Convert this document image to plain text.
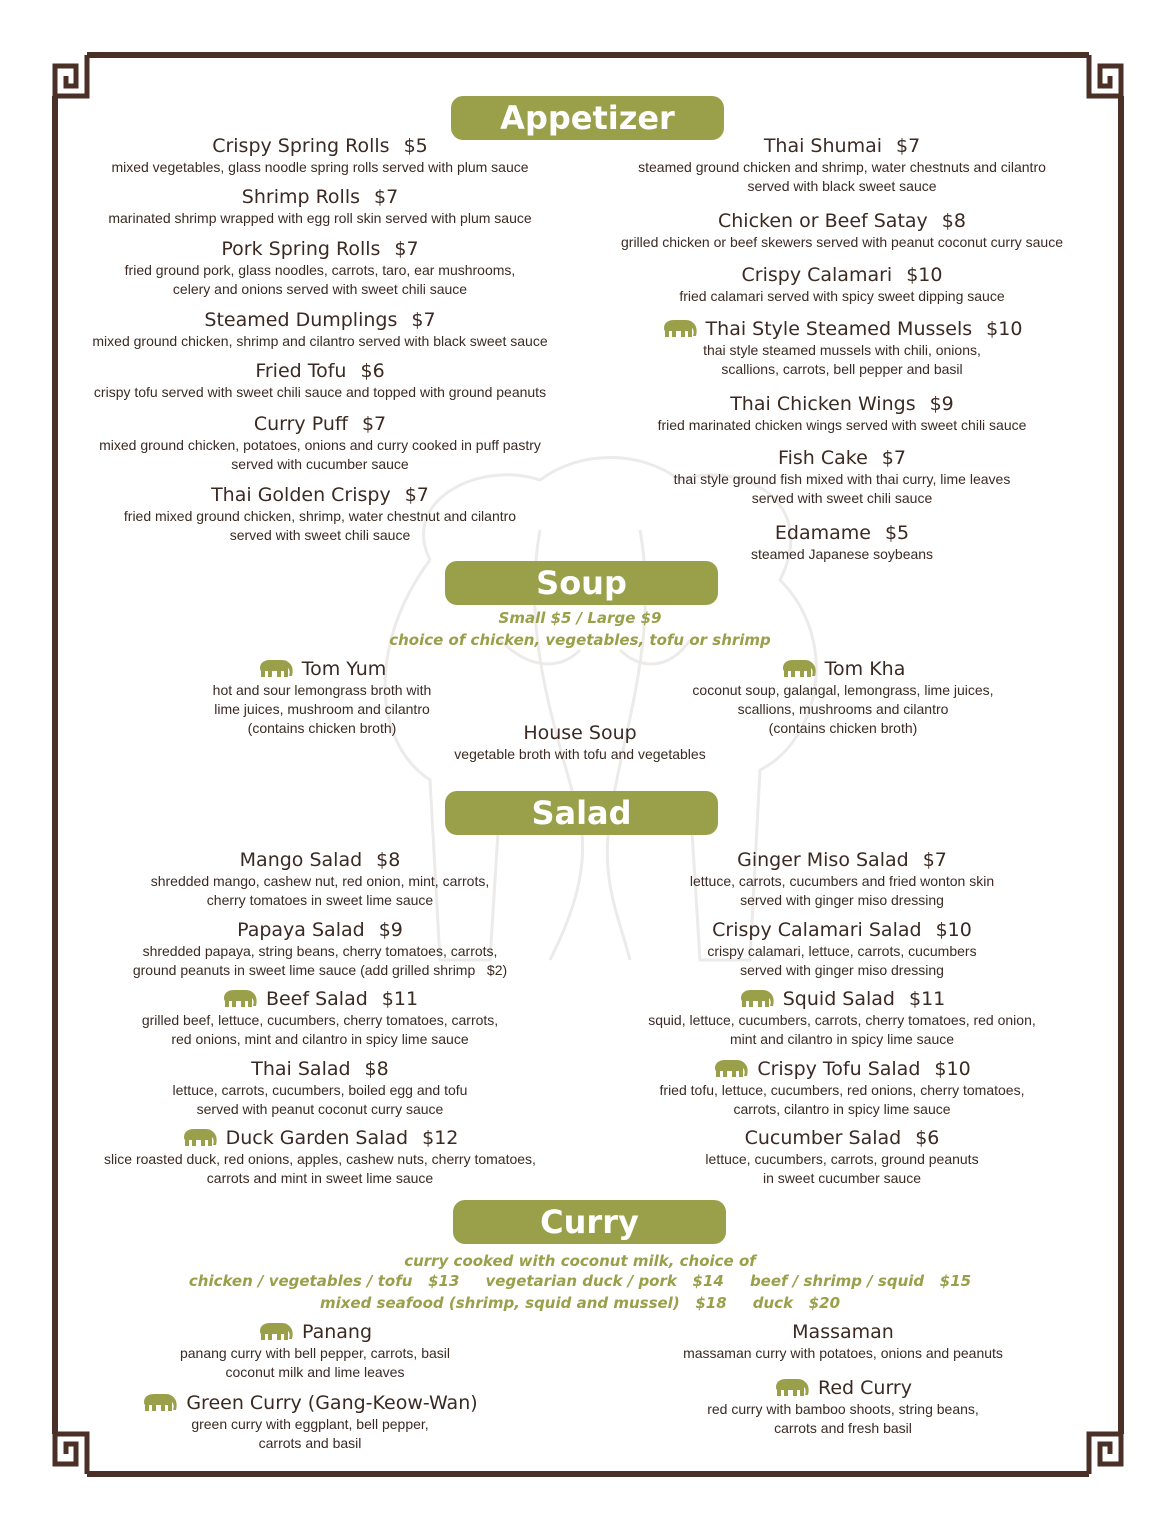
Appetizer
Crispy Spring Rolls $5
mixed vegetables, glass noodle spring rolls served with plum sauce
Shrimp Rolls $7
marinated shrimp wrapped with egg roll skin served with plum sauce
Pork Spring Rolls $7
fried ground pork, glass noodles, carrots, taro, ear mushrooms,
celery and onions served with sweet chili sauce
Steamed Dumplings $7
mixed ground chicken, shrimp and cilantro served with black sweet sauce
Fried Tofu $6
crispy tofu served with sweet chili sauce and topped with ground peanuts
Curry Puff $7
mixed ground chicken, potatoes, onions and curry cooked in puff pastry
served with cucumber sauce
Thai Golden Crispy $7
fried mixed ground chicken, shrimp, water chestnut and cilantro
served with sweet chili sauce
Thai Shumai $7
steamed ground chicken and shrimp, water chestnuts and cilantro
served with black sweet sauce
Chicken or Beef Satay $8
grilled chicken or beef skewers served with peanut coconut curry sauce
Crispy Calamari $10
fried calamari served with spicy sweet dipping sauce
Thai Style Steamed Mussels $10
thai style steamed mussels with chili, onions,
scallions, carrots, bell pepper and basil
Thai Chicken Wings $9
fried marinated chicken wings served with sweet chili sauce
Fish Cake $7
thai style ground fish mixed with thai curry, lime leaves
served with sweet chili sauce
Edamame $5
steamed Japanese soybeans
Soup
Small $5 / Large $9
choice of chicken, vegetables, tofu or shrimp
Tom Yum
hot and sour lemongrass broth with
lime juices, mushroom and cilantro
(contains chicken broth)
Tom Kha
coconut soup, galangal, lemongrass, lime juices,
scallions, mushrooms and cilantro
(contains chicken broth)
House Soup
vegetable broth with tofu and vegetables
Salad
Mango Salad $8
shredded mango, cashew nut, red onion, mint, carrots,
cherry tomatoes in sweet lime sauce
Papaya Salad $9
shredded papaya, string beans, cherry tomatoes, carrots,
ground peanuts in sweet lime sauce (add grilled shrimp   $2)
Beef Salad $11
grilled beef, lettuce, cucumbers, cherry tomatoes, carrots,
red onions, mint and cilantro in spicy lime sauce
Thai Salad $8
lettuce, carrots, cucumbers, boiled egg and tofu
served with peanut coconut curry sauce
Duck Garden Salad $12
slice roasted duck, red onions, apples, cashew nuts, cherry tomatoes,
carrots and mint in sweet lime sauce
Ginger Miso Salad $7
lettuce, carrots, cucumbers and fried wonton skin
served with ginger miso dressing
Crispy Calamari Salad $10
crispy calamari, lettuce, carrots, cucumbers
served with ginger miso dressing
Squid Salad $11
squid, lettuce, cucumbers, carrots, cherry tomatoes, red onion,
mint and cilantro in spicy lime sauce
Crispy Tofu Salad $10
fried tofu, lettuce, cucumbers, red onions, cherry tomatoes,
carrots, cilantro in spicy lime sauce
Cucumber Salad $6
lettuce, cucumbers, carrots, ground peanuts
in sweet cucumber sauce
Curry
curry cooked with coconut milk, choice of
chicken / vegetables / tofu   $13     vegetarian duck / pork   $14     beef / shrimp / squid   $15
mixed seafood (shrimp, squid and mussel)   $18     duck   $20
Panang
panang curry with bell pepper, carrots, basil
coconut milk and lime leaves
Green Curry (Gang-Keow-Wan)
green curry with eggplant, bell pepper,
carrots and basil
Massaman
massaman curry with potatoes, onions and peanuts
Red Curry
red curry with bamboo shoots, string beans,
carrots and fresh basil
